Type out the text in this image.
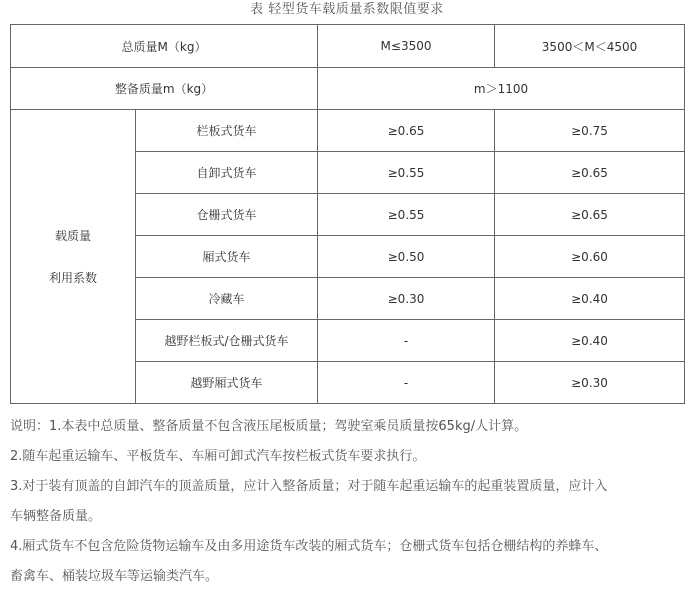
表 轻型货车载质量系数限值要求
总质量M（kg）		M≤3500	3500＜M＜4500
整备质量m（kg）		m＞1100	

载质量
利用系数	栏板式货车	≥0.65	≥0.75
	自卸式货车	≥0.55	≥0.65
	仓栅式货车	≥0.55	≥0.65
	厢式货车	≥0.50	≥0.60
	冷藏车	≥0.30	≥0.40
	越野栏板式/仓栅式货车	-	≥0.40
	越野厢式货车	-	≥0.30

说明：1.本表中总质量、整备质量不包含液压尾板质量；驾驶室乘员质量按65kg/人计算。

2.随车起重运输车、平板货车、车厢可卸式汽车按栏板式货车要求执行。

3.对于装有顶盖的自卸汽车的顶盖质量，应计入整备质量；对于随车起重运输车的起重装置质量，应计入

车辆整备质量。

4.厢式货车不包含危险货物运输车及由多用途货车改装的厢式货车；仓栅式货车包括仓栅结构的养蜂车、

畜禽车、桶装垃圾车等运输类汽车。
